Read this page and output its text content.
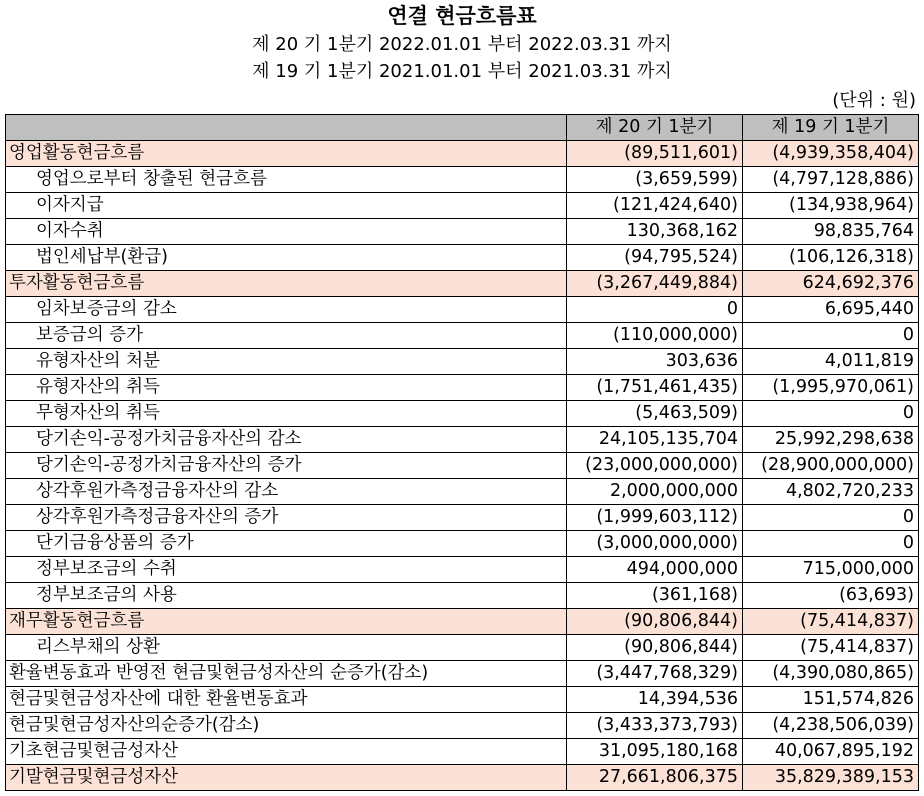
연결 현금흐름표
제 20 기 1분기 2022.01.01 부터 2022.03.31 까지
제 19 기 1분기 2021.01.01 부터 2021.03.31 까지
(단위 : 원)
	제 20 기 1분기	제 19 기 1분기
영업활동현금흐름	(89,511,601)	(4,939,358,404)
영업으로부터 창출된 현금흐름	(3,659,599)	(4,797,128,886)
이자지급	(121,424,640)	(134,938,964)
이자수취	130,368,162	98,835,764
법인세납부(환급)	(94,795,524)	(106,126,318)
투자활동현금흐름	(3,267,449,884)	624,692,376
임차보증금의 감소	0	6,695,440
보증금의 증가	(110,000,000)	0
유형자산의 처분	303,636	4,011,819
유형자산의 취득	(1,751,461,435)	(1,995,970,061)
무형자산의 취득	(5,463,509)	0
당기손익-공정가치금융자산의 감소	24,105,135,704	25,992,298,638
당기손익-공정가치금융자산의 증가	(23,000,000,000)	(28,900,000,000)
상각후원가측정금융자산의 감소	2,000,000,000	4,802,720,233
상각후원가측정금융자산의 증가	(1,999,603,112)	0
단기금융상품의 증가	(3,000,000,000)	0
정부보조금의 수취	494,000,000	715,000,000
정부보조금의 사용	(361,168)	(63,693)
재무활동현금흐름	(90,806,844)	(75,414,837)
리스부채의 상환	(90,806,844)	(75,414,837)
환율변동효과 반영전 현금및현금성자산의 순증가(감소)	(3,447,768,329)	(4,390,080,865)
현금및현금성자산에 대한 환율변동효과	14,394,536	151,574,826
현금및현금성자산의순증가(감소)	(3,433,373,793)	(4,238,506,039)
기초현금및현금성자산	31,095,180,168	40,067,895,192
기말현금및현금성자산	27,661,806,375	35,829,389,153
